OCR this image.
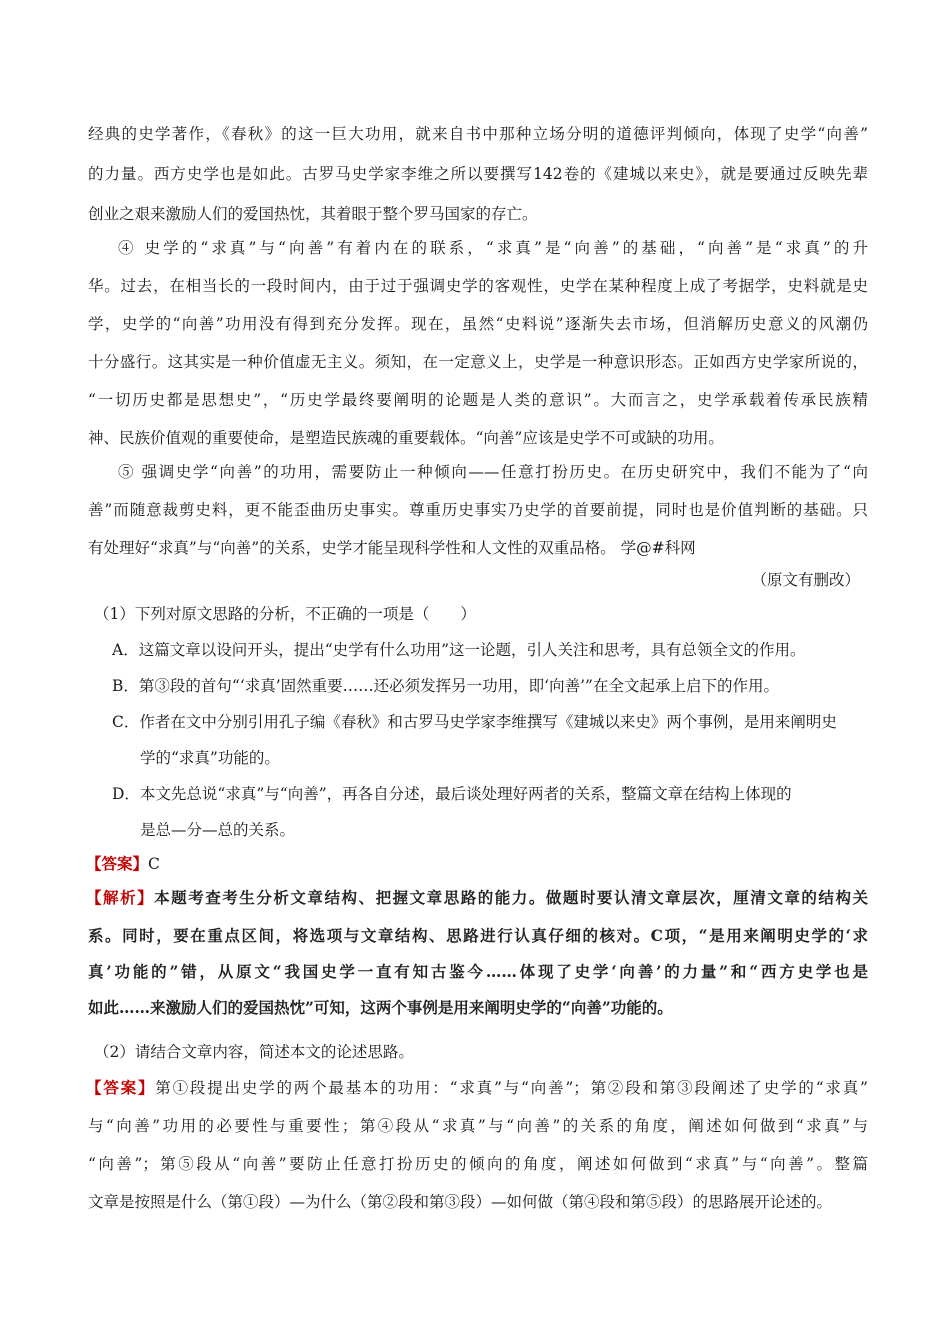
经典的史学著作，《春秋》的这一巨大功用，就来自书中那种立场分明的道德评判倾向，体现了史学“向善”
的力量。西方史学也是如此。古罗马史学家李维之所以要撰写142卷的《建城以来史》，就是要通过反映先辈
创业之艰来激励人们的爱国热忱，其着眼于整个罗马国家的存亡。
④ 史学的“求真”与“向善”有着内在的联系，“求真”是“向善”的基础，“向善”是“求真”的升
华。过去，在相当长的一段时间内，由于过于强调史学的客观性，史学在某种程度上成了考据学，史料就是史
学，史学的“向善”功用没有得到充分发挥。现在，虽然“史料说”逐渐失去市场，但消解历史意义的风潮仍
十分盛行。这其实是一种价值虚无主义。须知，在一定意义上，史学是一种意识形态。正如西方史学家所说的，
“一切历史都是思想史”，“历史学最终要阐明的论题是人类的意识”。大而言之，史学承载着传承民族精
神、民族价值观的重要使命，是塑造民族魂的重要载体。“向善”应该是史学不可或缺的功用。
⑤ 强调史学“向善”的功用，需要防止一种倾向——任意打扮历史。在历史研究中，我们不能为了“向
善”而随意裁剪史料，更不能歪曲历史事实。尊重历史事实乃史学的首要前提，同时也是价值判断的基础。只
有处理好“求真”与“向善”的关系，史学才能呈现科学性和人文性的双重品格。 学@#科网
（原文有删改）
（1）下列对原文思路的分析，不正确的一项是（　　）
A．这篇文章以设问开头，提出“史学有什么功用”这一论题，引人关注和思考，具有总领全文的作用。
B．第③段的首句“‘求真’固然重要……还必须发挥另一功用，即‘向善’”在全文起承上启下的作用。
C．作者在文中分别引用孔子编《春秋》和古罗马史学家李维撰写《建城以来史》两个事例，是用来阐明史
学的“求真”功能的。
D．本文先总说“求真”与“向善”，再各自分述，最后谈处理好两者的关系，整篇文章在结构上体现的
是总—分—总的关系。
【答案】C
【解析】本题考查考生分析文章结构、把握文章思路的能力。做题时要认清文章层次，厘清文章的结构关
系。同时，要在重点区间，将选项与文章结构、思路进行认真仔细的核对。C项，“是用来阐明史学的‘求
真’功能的”错，从原文“我国史学一直有知古鉴今……体现了史学‘向善’的力量”和“西方史学也是
如此……来激励人们的爱国热忱”可知，这两个事例是用来阐明史学的“向善”功能的。
（2）请结合文章内容，简述本文的论述思路。
【答案】第①段提出史学的两个最基本的功用：“求真”与“向善”；第②段和第③段阐述了史学的“求真”
与“向善”功用的必要性与重要性；第④段从“求真”与“向善”的关系的角度，阐述如何做到“求真”与
“向善”；第⑤段从“向善”要防止任意打扮历史的倾向的角度，阐述如何做到“求真”与“向善”。整篇
文章是按照是什么（第①段）—为什么（第②段和第③段）—如何做（第④段和第⑤段）的思路展开论述的。
